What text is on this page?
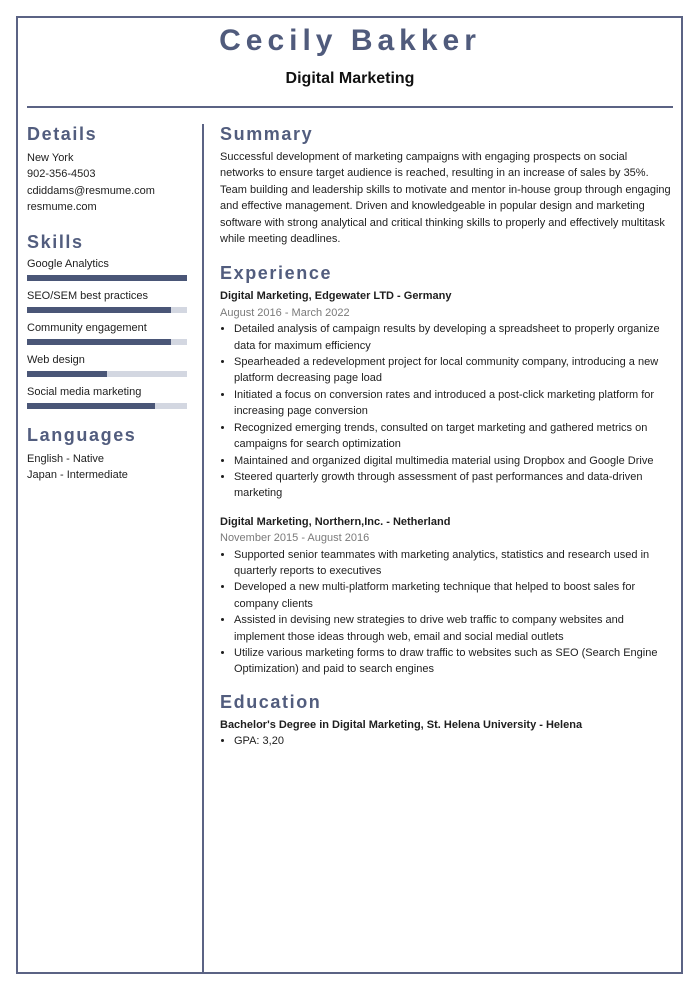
Cecily Bakker
Digital Marketing
Details
New York
902-356-4503
cdiddams@resmume.com
resmume.com
Skills
Google Analytics
SEO/SEM best practices
Community engagement
Web design
Social media marketing
Languages
English - Native
Japan - Intermediate
Summary
Successful development of marketing campaigns with engaging prospects on social networks to ensure target audience is reached, resulting in an increase of sales by 35%. Team building and leadership skills to motivate and mentor in-house group through engaging and effective management. Driven and knowledgeable in popular design and marketing software with strong analytical and critical thinking skills to properly and effectively multitask while meeting deadlines.
Experience
Digital Marketing, Edgewater LTD - Germany
August 2016 - March 2022
• Detailed analysis of campaign results by developing a spreadsheet to properly organize data for maximum efficiency
• Spearheaded a redevelopment project for local community company, introducing a new platform decreasing page load
• Initiated a focus on conversion rates and introduced a post-click marketing platform for increasing page conversion
• Recognized emerging trends, consulted on target marketing and gathered metrics on campaigns for search optimization
• Maintained and organized digital multimedia material using Dropbox and Google Drive
• Steered quarterly growth through assessment of past performances and data-driven marketing
Digital Marketing, Northern,Inc. - Netherland
November 2015 - August 2016
• Supported senior teammates with marketing analytics, statistics and research used in quarterly reports to executives
• Developed a new multi-platform marketing technique that helped to boost sales for company clients
• Assisted in devising new strategies to drive web traffic to company websites and implement those ideas through web, email and social medial outlets
• Utilize various marketing forms to draw traffic to websites such as SEO (Search Engine Optimization) and paid to search engines
Education
Bachelor's Degree in Digital Marketing, St. Helena University - Helena
• GPA: 3,20
